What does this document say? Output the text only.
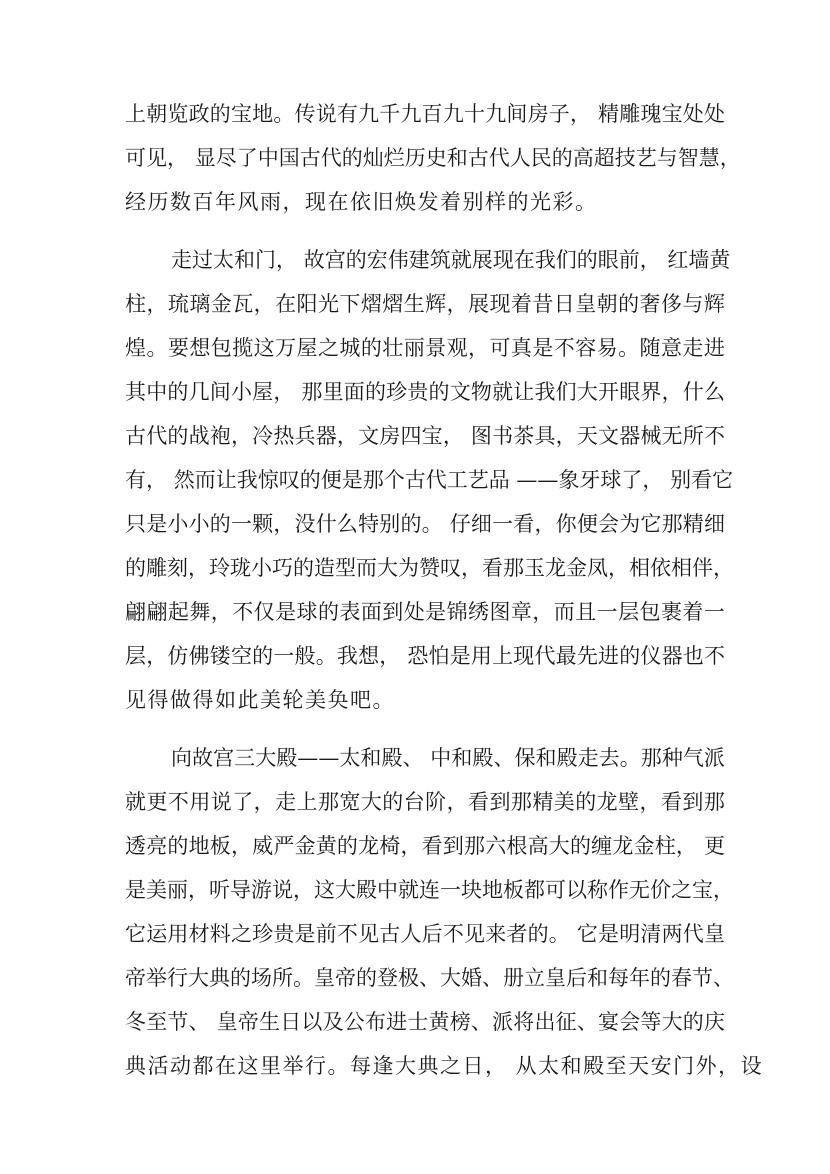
上 朝 览 政 的 宝 地 。 传 说 有 九 千 九 百 九 十 九 间 房 子 ，
精 雕 瑰 宝 处 处
可 见 ，
显 尽 了 中 国 古 代 的 灿 烂 历 史 和 古 代 人 民 的 高 超 技 艺 与 智 慧 ，
经历数百年风雨，现在依旧焕发着别样的光彩。
走 过 太 和 门 ，
故 宫 的 宏 伟 建 筑 就 展 现 在 我 们 的 眼 前 ，
红 墙 黄
柱 ， 琉 璃 金 瓦 ， 在 阳 光 下 熠 熠 生 辉 ， 展 现 着 昔 日 皇 朝 的 奢 侈 与 辉
煌 。 要 想 包 揽 这 万 屋 之 城 的 壮 丽 景 观 ， 可 真 是 不 容 易 。 随 意 走 进
其 中 的 几 间 小 屋 ，
那 里 面 的 珍 贵 的 文 物 就 让 我 们 大 开 眼 界 ， 什 么
古 代 的 战 袍 ， 冷 热 兵 器 ， 文 房 四 宝 ，
图 书 茶 具 ， 天 文 器 械 无 所 不
有 ，
然 而 让 我 惊 叹 的 便 是 那 个 古 代 工 艺 品
— — 象 牙 球 了 ，
别 看 它
只 是 小 小 的 一 颗 ， 没 什 么 特 别 的 。
仔 细 一 看 ， 你 便 会 为 它 那 精 细
的 雕 刻 ， 玲 珑 小 巧 的 造 型 而 大 为 赞 叹 ， 看 那 玉 龙 金 凤 ， 相 依 相 伴 ，
翩 翩 起 舞 ， 不 仅 是 球 的 表 面 到 处 是 锦 绣 图 章 ， 而 且 一 层 包 裹 着 一
层 ， 仿 佛 镂 空 的 一 般 。 我 想 ，
恐 怕 是 用 上 现 代 最 先 进 的 仪 器 也 不
见得做得如此美轮美奂吧。
向 故 宫 三 大 殿 — — 太 和 殿 、
中 和 殿 、 保 和 殿 走 去 。 那 种 气 派
就 更 不 用 说 了 ， 走 上 那 宽 大 的 台 阶 ， 看 到 那 精 美 的 龙 壁 ， 看 到 那
透 亮 的 地 板 ， 威 严 金 黄 的 龙 椅 ， 看 到 那 六 根 高 大 的 缠 龙 金 柱 ，
更
是 美 丽 ， 听 导 游 说 ， 这 大 殿 中 就 连 一 块 地 板 都 可 以 称 作 无 价 之 宝 ，
它 运 用 材 料 之 珍 贵 是 前 不 见 古 人 后 不 见 来 者 的 。
它 是 明 清 两 代 皇
帝 举 行 大 典 的 场 所 。 皇 帝 的 登 极 、 大 婚 、 册 立 皇 后 和 每 年 的 春 节 、
冬 至 节 、
皇 帝 生 日 以 及 公 布 进 士 黄 榜 、 派 将 出 征 、 宴 会 等 大 的 庆
典活动都在这里举行。每逢大典之日， 从太和殿至天安门外，设
